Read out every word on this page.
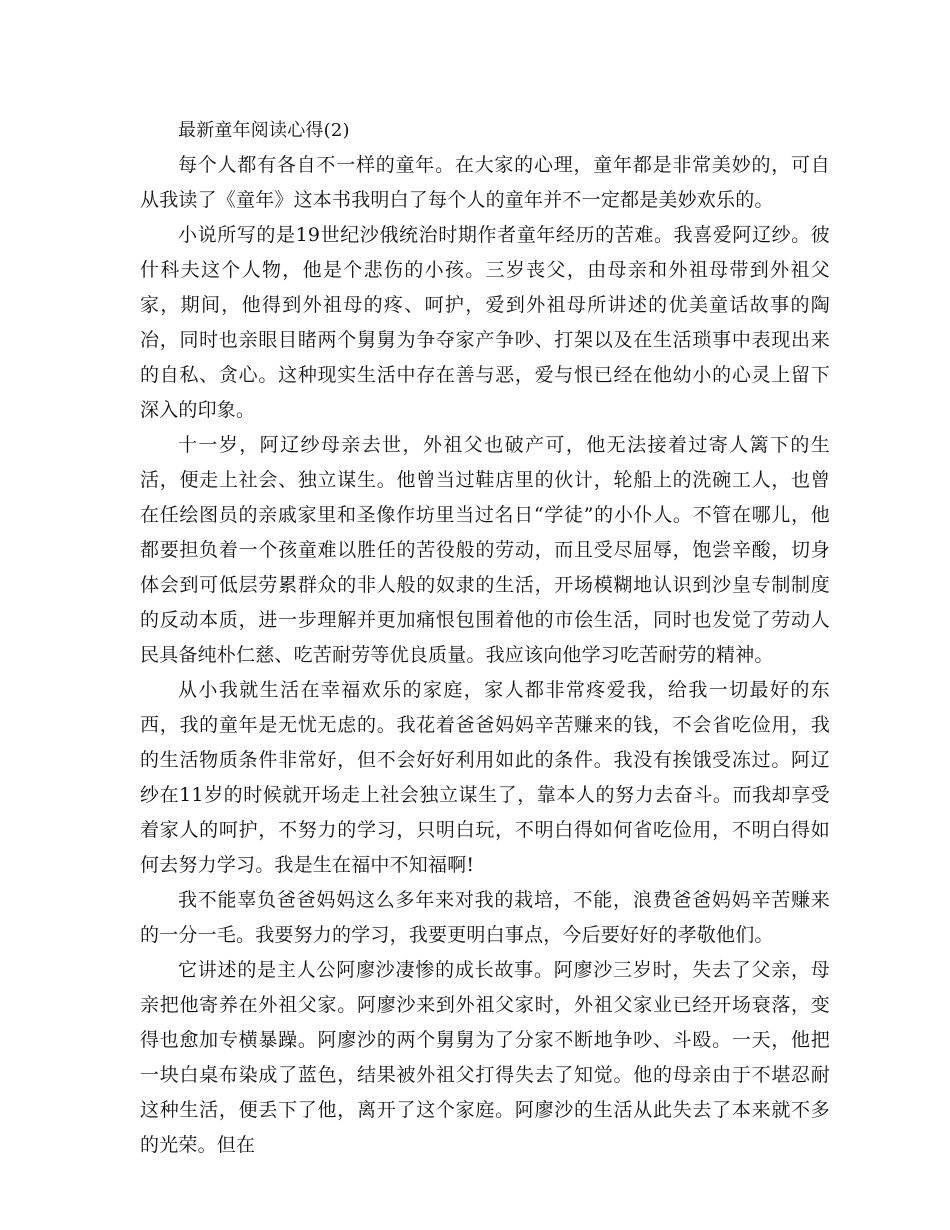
最新童年阅读心得(2)

每个人都有各自不一样的童年。在大家的心理，童年都是非常美妙的，可自从我读了《童年》这本书我明白了每个人的童年并不一定都是美妙欢乐的。

小说所写的是19世纪沙俄统治时期作者童年经历的苦难。我喜爱阿辽纱。彼什科夫这个人物，他是个悲伤的小孩。三岁丧父，由母亲和外祖母带到外祖父家，期间，他得到外祖母的疼、呵护，爱到外祖母所讲述的优美童话故事的陶冶，同时也亲眼目睹两个舅舅为争夺家产争吵、打架以及在生活琐事中表现出来的自私、贪心。这种现实生活中存在善与恶，爱与恨已经在他幼小的心灵上留下深入的印象。

十一岁，阿辽纱母亲去世，外祖父也破产可，他无法接着过寄人篱下的生活，便走上社会、独立谋生。他曾当过鞋店里的伙计，轮船上的洗碗工人，也曾在任绘图员的亲戚家里和圣像作坊里当过名日“学徒”的小仆人。不管在哪儿，他都要担负着一个孩童难以胜任的苦役般的劳动，而且受尽屈辱，饱尝辛酸，切身体会到可低层劳累群众的非人般的奴隶的生活，开场模糊地认识到沙皇专制制度的反动本质，进一步理解并更加痛恨包围着他的市侩生活，同时也发觉了劳动人民具备纯朴仁慈、吃苦耐劳等优良质量。我应该向他学习吃苦耐劳的精神。

从小我就生活在幸福欢乐的家庭，家人都非常疼爱我，给我一切最好的东西，我的童年是无忧无虑的。我花着爸爸妈妈辛苦赚来的钱，不会省吃俭用，我的生活物质条件非常好，但不会好好利用如此的条件。我没有挨饿受冻过。阿辽纱在11岁的时候就开场走上社会独立谋生了，靠本人的努力去奋斗。而我却享受着家人的呵护，不努力的学习，只明白玩，不明白得如何省吃俭用，不明白得如何去努力学习。我是生在福中不知福啊!

我不能辜负爸爸妈妈这么多年来对我的栽培，不能，浪费爸爸妈妈辛苦赚来的一分一毛。我要努力的学习，我要更明白事点，今后要好好的孝敬他们。

它讲述的是主人公阿廖沙凄惨的成长故事。阿廖沙三岁时，失去了父亲，母亲把他寄养在外祖父家。阿廖沙来到外祖父家时，外祖父家业已经开场衰落，变得也愈加专横暴躁。阿廖沙的两个舅舅为了分家不断地争吵、斗殴。一天，他把一块白桌布染成了蓝色，结果被外祖父打得失去了知觉。他的母亲由于不堪忍耐这种生活，便丢下了他，离开了这个家庭。阿廖沙的生活从此失去了本来就不多的光荣。但在
